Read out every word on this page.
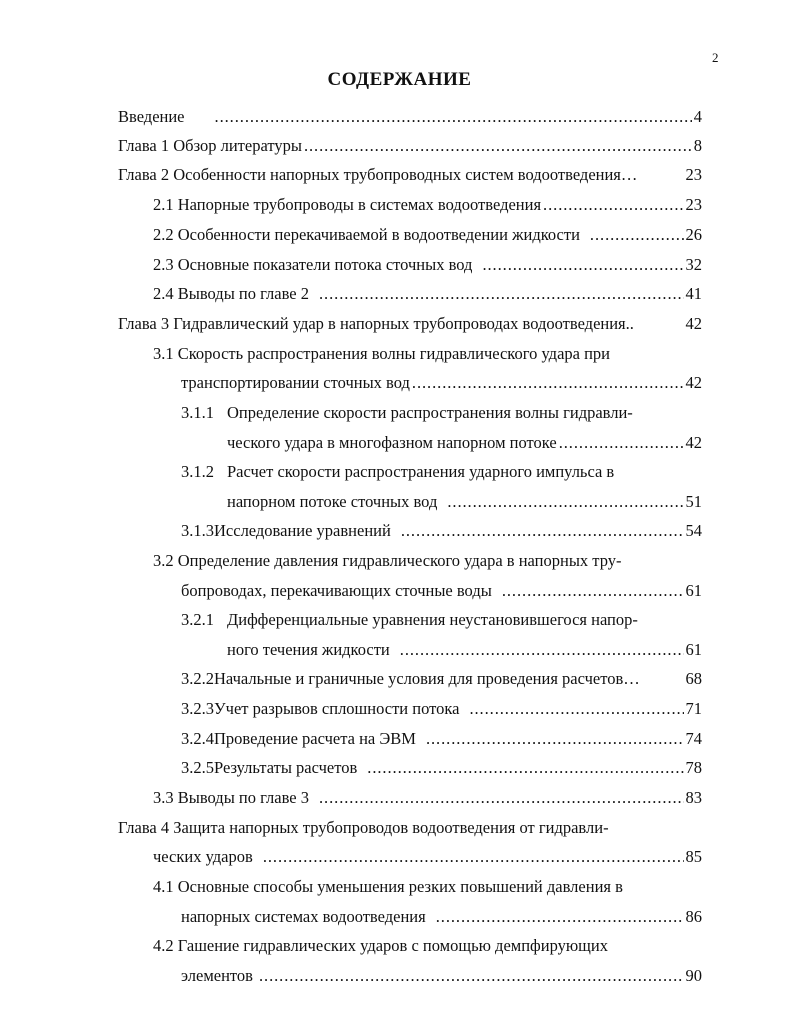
2
СОДЕРЖАНИЕ
Введение . . .	4
Глава 1 Обзор литературы . . .	8
Глава 2 Особенности напорных трубопроводных систем водоотведения…	23
2.1 Напорные трубопроводы в системах водоотведения . . .	23
2.2 Особенности перекачиваемой в водоотведении жидкости . . .	26
2.3 Основные показатели потока сточных вод . . .	32
2.4 Выводы по главе 2 . . .	41
Глава 3 Гидравлический удар в напорных трубопроводах водоотведения..	42
3.1 Скорость распространения волны гидравлического удара при
транспортировании сточных вод . . .	42
3.1.1 Определение скорости распространения волны гидравли-
ческого удара в многофазном напорном потоке . . .	42
3.1.2 Расчет скорости распространения ударного импульса в
напорном потоке сточных вод . . .	51
3.1.3 Исследование уравнений . . .	54
3.2 Определение давления гидравлического удара в напорных тру-
бопроводах, перекачивающих сточные воды . . .	61
3.2.1 Дифференциальные уравнения неустановившегося напор-
ного течения жидкости . . .	61
3.2.2 Начальные и граничные условия для проведения расчетов…	68
3.2.3 Учет разрывов сплошности потока . . .	71
3.2.4 Проведение расчета на ЭВМ . . .	74
3.2.5 Результаты расчетов . . .	78
3.3 Выводы по главе 3 . . .	83
Глава 4 Защита напорных трубопроводов водоотведения от гидравли-
ческих ударов . . .	85
4.1 Основные способы уменьшения резких повышений давления в
напорных системах водоотведения . . .	86
4.2 Гашение гидравлических ударов с помощью демпфирующих
элементов . . .	90
